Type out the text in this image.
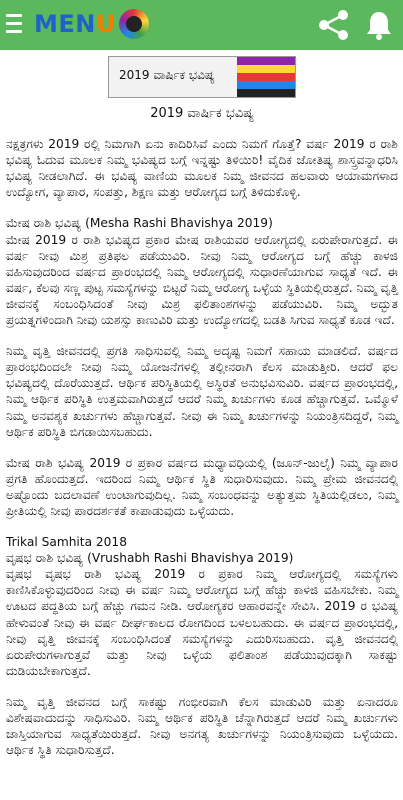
MENU
2019 ವಾರ್ಷಿಕ ಭವಿಷ್ಯ
2019 ವಾರ್ಷಿಕ ಭವಿಷ್ಯ

ನಕ್ಷತ್ರಗಳು 2019 ರಲ್ಲಿ ನಿಮಗಾಗಿ ಏನು ಕಾದಿರಿಸಿವೆ ಎಂದು ನಿಮಗೆ ಗೊತ್ತೆ? ವರ್ಷ 2019 ರ ರಾಶಿ ಭವಿಷ್ಯ ಓದುವ ಮೂಲಕ ನಿಮ್ಮ ಭವಿಷ್ಯದ ಬಗ್ಗೆ ಇನ್ನಷ್ಟು ತಿಳಿಯಿರಿ! ವೈದಿಕ ಜೋತಿಷ್ಯ ಶಾಸ್ತ್ರವನ್ನಾಧರಿಸಿ ಭವಿಷ್ಯ ನೀಡಲಾಗಿದೆ. ಈ ಭವಿಷ್ಯ ವಾಣಿಯ ಮೂಲಕ ನಿಮ್ಮ ಜೀವನದ ಹಲವಾರು ಆಯಾಮಗಳಾದ ಉದ್ಯೋಗ, ವ್ಯಾಪಾರ, ಸಂಪತ್ತು, ಶಿಕ್ಷಣ ಮತ್ತು ಆರೋಗ್ಯದ ಬಗ್ಗೆ ತಿಳಿದುಕೊಳ್ಳಿ.

ಮೇಷ ರಾಶಿ ಭವಿಷ್ಯ (Mesha Rashi Bhavishya 2019)
ಮೇಷ 2019 ರ ರಾಶಿ ಭವಿಷ್ಯದ ಪ್ರಕಾರ ಮೇಷ ರಾಶಿಯವರ ಆರೋಗ್ಯದಲ್ಲಿ ಏರುಪೇರಾಗುತ್ತದೆ. ಈ ವರ್ಷ ನೀವು ಮಿಶ್ರ ಪ್ರತಿಫಲ ಪಡೆಯುವಿರಿ. ನೀವು ನಿಮ್ಮ ಆರೋಗ್ಯದ ಬಗ್ಗೆ ಹೆಚ್ಚು ಕಾಳಜಿ ವಹಿಸುವುದರಿಂದ ವರ್ಷದ ಪ್ರಾರಂಭದಲ್ಲಿ ನಿಮ್ಮ ಆರೋಗ್ಯದಲ್ಲಿ ಸುಧಾರಣೆಯಾಗುವ ಸಾಧ್ಯತೆ ಇದೆ. ಈ ವರ್ಷ, ಕೆಲವು ಸಣ್ಣ ಪುಟ್ಟ ಸಮಸ್ಯೆಗಳನ್ನು ಬಿಟ್ಟರೆ ನಿಮ್ಮ ಆರೋಗ್ಯ ಒಳ್ಳೆಯ ಸ್ಥಿತಿಯಲ್ಲಿರುತ್ತದೆ. ನಿಮ್ಮ ವೃತ್ತಿ ಜೀವನಕ್ಕೆ ಸಂಬಂಧಿಸಿದಂತೆ ನೀವು ಮಿಶ್ರ ಫಲಿತಾಂಶಗಳನ್ನು ಪಡೆಯುವಿರಿ. ನಿಮ್ಮ ಅದ್ಭುತ ಪ್ರಯತ್ನಗಳಿಂದಾಗಿ ನೀವು ಯಶಸ್ಸು ಕಾಣುವಿರಿ ಮತ್ತು ಉದ್ಯೋಗದಲ್ಲಿ ಬಡತಿ ಸಿಗುವ ಸಾಧ್ಯತೆ ಕೂಡ ಇದೆ.

ನಿಮ್ಮ ವೃತ್ತಿ ಜೀವನದಲ್ಲಿ ಪ್ರಗತಿ ಸಾಧಿಸುವಲ್ಲಿ ನಿಮ್ಮ ಅದೃಷ್ಟ ನಿಮಗೆ ಸಹಾಯ ಮಾಡಲಿದೆ. ವರ್ಷದ ಪ್ರಾರಂಭದಿಂದಲೇ ನೀವು ನಿಮ್ಮ ಯೋಜನೆಗಳಲ್ಲಿ ತಲ್ಲೀನರಾಗಿ ಕೆಲಸ ಮಾಡುತ್ತೀರಿ. ಆದರೆ ಫಲ ಭವಿಷ್ಯದಲ್ಲಿ ದೊರೆಯುತ್ತದೆ. ಆರ್ಥಿಕ ಪರಿಸ್ಥಿತಿಯಲ್ಲಿ ಅಸ್ಥಿರತೆ ಅನುಭವಿಸುವಿರಿ. ವರ್ಷದ ಪ್ರಾರಂಭದಲ್ಲಿ, ನಿಮ್ಮ ಆರ್ಥಿಕ ಪರಿಸ್ಥಿತಿ ಉತ್ತಮವಾಗಿರುತ್ತದೆ ಆದರೆ ನಿಮ್ಮ ಖರ್ಚುಗಳು ಕೂಡ ಹೆಚ್ಚಾಗುತ್ತವೆ. ಒಮ್ಮೊಳೆ ನಿಮ್ಮ ಅನವಶ್ಯಕ ಖರ್ಚುಗಳು ಹೆಚ್ಚಾಗುತ್ತವೆ. ನೀವು ಈ ನಿಮ್ಮ ಖರ್ಚುಗಳನ್ನು ನಿಯಂತ್ರಿಸದಿದ್ದರೆ, ನಿಮ್ಮ ಆರ್ಥಿಕ ಪರಿಸ್ಥಿತಿ ಬಿಗಡಾಯಿಸಬಹುದು.

ಮೇಷ ರಾಶಿ ಭವಿಷ್ಯ 2019 ರ ಪ್ರಕಾರ ವರ್ಷದ ಮಧ್ಯಾವಧಿಯಲ್ಲಿ (ಜೂನ್-ಜುಲೈ) ನಿಮ್ಮ ವ್ಯಾಪಾರ ಪ್ರಗತಿ ಹೊಂದುತ್ತದೆ. ಇದರಿಂದ ನಿಮ್ಮ ಆರ್ಥಿಕ ಸ್ಥಿತಿ ಸುಧಾರಿಸುವುದು. ನಿಮ್ಮ ಪ್ರೇಮ ಜೀವನದಲ್ಲಿ ಅಷ್ಟೊಂದು ಬದಲಾವಣೆ ಉಂಟಾಗುವುದಿಲ್ಲ. ನಿಮ್ಮ ಸಂಬಂಧವನ್ನು ಅತ್ಯುತ್ತಮ ಸ್ಥಿತಿಯಲ್ಲಿಡಲು, ನಿಮ್ಮ ಪ್ರೀತಿಯಲ್ಲಿ ನೀವು ಪಾರದರ್ಶಕತೆ ಕಾಪಾಡುವುದು ಒಳ್ಳೆಯದು.

Trikal Samhita 2018
ವೃಷಭ ರಾಶಿ ಭವಿಷ್ಯ (Vrushabh Rashi Bhavishya 2019)
ವೃಷಭ ವೃಷಭ ರಾಶಿ ಭವಿಷ್ಯ 2019 ರ ಪ್ರಕಾರ ನಿಮ್ಮ ಆರೋಗ್ಯದಲ್ಲಿ ಸಮಸ್ಯೆಗಳು ಕಾಣಿಸಿಕೊಳ್ಳುವುದರಿಂದ ನೀವು ಈ ವರ್ಷ ನಿಮ್ಮ ಆರೋಗ್ಯದ ಬಗ್ಗೆ ಹೆಚ್ಚು ಕಾಳಜಿ ವಹಿಸಬೇಕು. ನಿಮ್ಮ ಊಟದ ಪದ್ಧತಿಯ ಬಗ್ಗೆ ಹೆಚ್ಚು ಗಮನ ನೀಡಿ. ಆರೋಗ್ಯಕರ ಆಹಾರವನ್ನೇ ಸೇವಿಸಿ. 2019 ರ ಭವಿಷ್ಯ ಹೇಳುವಂತೆ ನೀವು ಈ ವರ್ಷ ದೀರ್ಘಕಾಲದ ರೋಗದಿಂದ ಬಳಲಬಹುದು. ಈ ವರ್ಷದ ಪ್ರಾರಂಭದಲ್ಲಿ, ನೀವು ವೃತ್ತಿ ಜೀವನಕ್ಕೆ ಸಂಬಂಧಿಸಿದಂತೆ ಸಮಸ್ಯೆಗಳನ್ನು ಎದುರಿಸಬಹುದು. ವೃತ್ತಿ ಜೀವನದಲ್ಲಿ ಏರುಪೇರುಗಳಾಗುತ್ತವೆ ಮತ್ತು ನೀವು ಒಳ್ಳೆಯ ಫಲಿತಾಂಶ ಪಡೆಯುವುದಕ್ಕಾಗಿ ಸಾಕಷ್ಟು ದುಡಿಯಬೇಕಾಗುತ್ತದೆ.

ನಿಮ್ಮ ವೃತ್ತಿ ಜೀವನದ ಬಗ್ಗೆ ಸಾಕಷ್ಟು ಗಂಭೀರವಾಗಿ ಕೆಲಸ ಮಾಡುವಿರಿ ಮತ್ತು ಏನಾದರೂ ವಿಶೇಷವಾದುದನ್ನು ಸಾಧಿಸುವಿರಿ. ನಿಮ್ಮ ಆರ್ಥಿಕ ಪರಿಸ್ಥಿತಿ ಚೆನ್ನಾಗಿರುತ್ತದೆ ಆದರೆ ನಿಮ್ಮ ಖರ್ಚುಗಳು ಜಾಸ್ತಿಯಾಗುವ ಸಾಧ್ಯತೆಯಿರುತ್ತದೆ. ನೀವು ಅನಗತ್ಯ ಖರ್ಚುಗಳನ್ನು ನಿಯಂತ್ರಿಸುವುದು ಒಳ್ಳೆಯದು. ಆರ್ಥಿಕ ಸ್ಥಿತಿ ಸುಧಾರಿಸುತ್ತದೆ.
